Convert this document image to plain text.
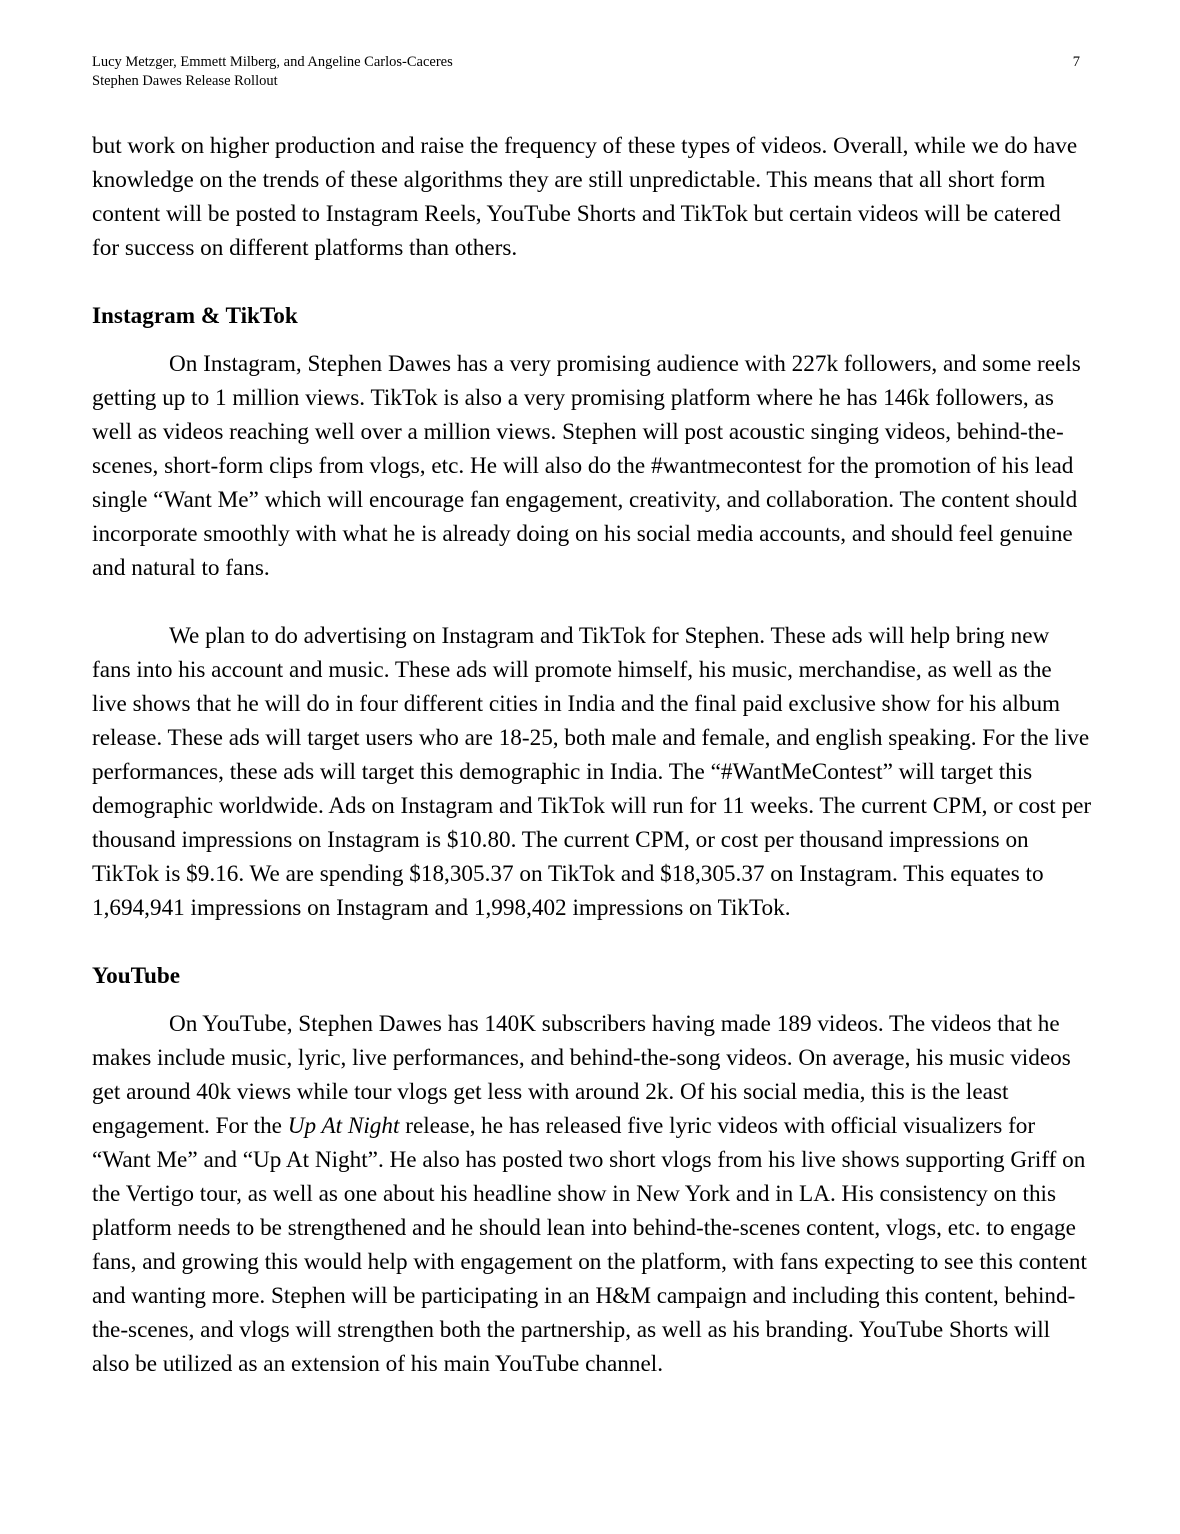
Lucy Metzger, Emmett Milberg, and Angeline Carlos-Caceres
Stephen Dawes Release Rollout
7

but work on higher production and raise the frequency of these types of videos. Overall, while we do have knowledge on the trends of these algorithms they are still unpredictable. This means that all short form content will be posted to Instagram Reels, YouTube Shorts and TikTok but certain videos will be catered for success on different platforms than others.

Instagram & TikTok

On Instagram, Stephen Dawes has a very promising audience with 227k followers, and some reels getting up to 1 million views. TikTok is also a very promising platform where he has 146k followers, as well as videos reaching well over a million views. Stephen will post acoustic singing videos, behind-the-scenes, short-form clips from vlogs, etc. He will also do the #wantmecontest for the promotion of his lead single “Want Me” which will encourage fan engagement, creativity, and collaboration. The content should incorporate smoothly with what he is already doing on his social media accounts, and should feel genuine and natural to fans.

We plan to do advertising on Instagram and TikTok for Stephen. These ads will help bring new fans into his account and music. These ads will promote himself, his music, merchandise, as well as the live shows that he will do in four different cities in India and the final paid exclusive show for his album release. These ads will target users who are 18-25, both male and female, and english speaking. For the live performances, these ads will target this demographic in India. The “#WantMeContest” will target this demographic worldwide. Ads on Instagram and TikTok will run for 11 weeks. The current CPM, or cost per thousand impressions on Instagram is $10.80. The current CPM, or cost per thousand impressions on TikTok is $9.16. We are spending $18,305.37 on TikTok and $18,305.37 on Instagram. This equates to 1,694,941 impressions on Instagram and 1,998,402 impressions on TikTok.

YouTube

On YouTube, Stephen Dawes has 140K subscribers having made 189 videos. The videos that he makes include music, lyric, live performances, and behind-the-song videos. On average, his music videos get around 40k views while tour vlogs get less with around 2k. Of his social media, this is the least engagement. For the Up At Night release, he has released five lyric videos with official visualizers for “Want Me” and “Up At Night”. He also has posted two short vlogs from his live shows supporting Griff on the Vertigo tour, as well as one about his headline show in New York and in LA. His consistency on this platform needs to be strengthened and he should lean into behind-the-scenes content, vlogs, etc. to engage fans, and growing this would help with engagement on the platform, with fans expecting to see this content and wanting more. Stephen will be participating in an H&M campaign and including this content, behind-the-scenes, and vlogs will strengthen both the partnership, as well as his branding. YouTube Shorts will also be utilized as an extension of his main YouTube channel.
